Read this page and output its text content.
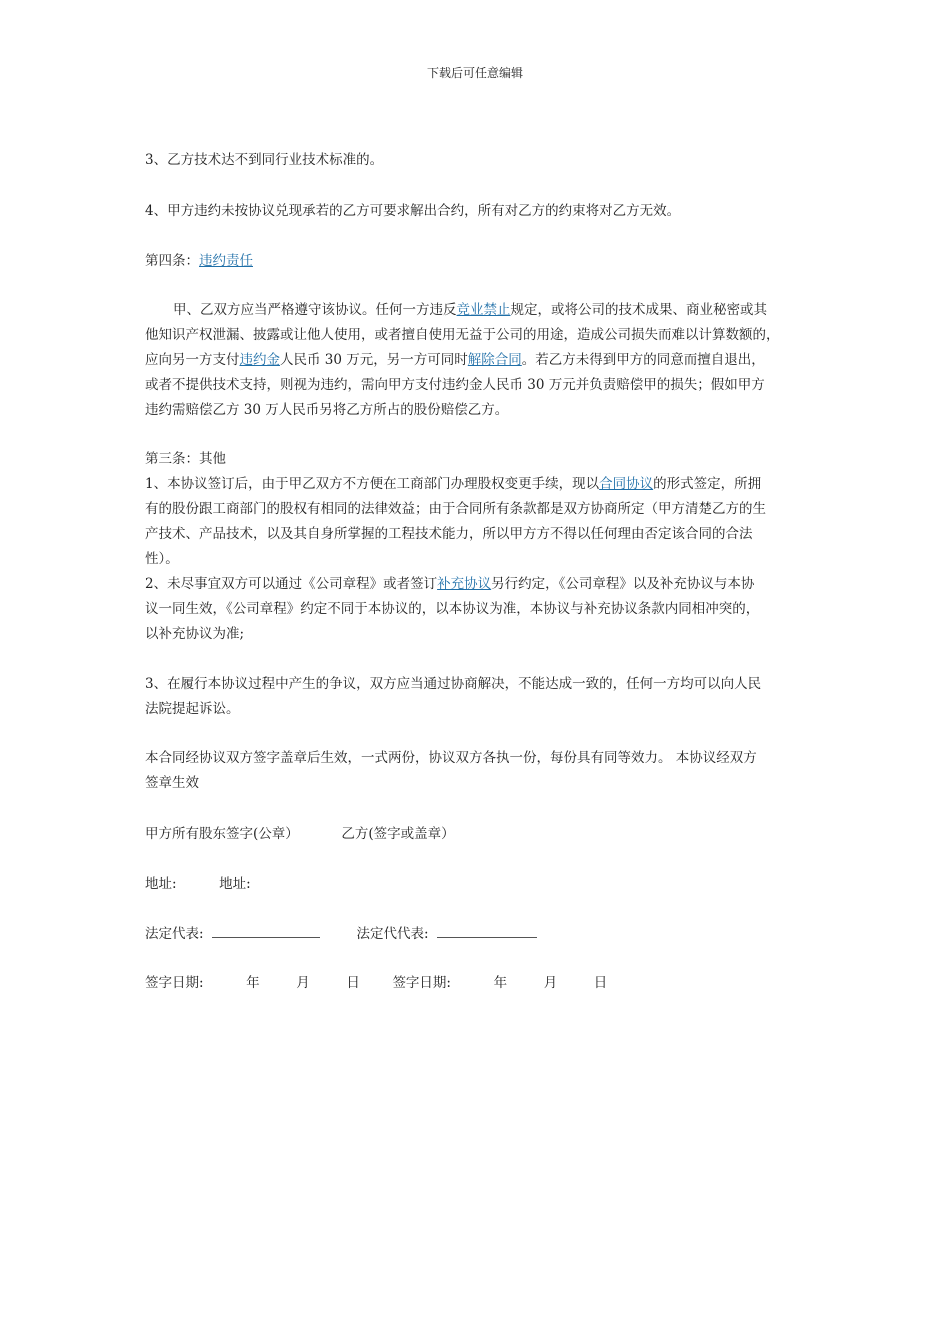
下载后可任意编辑
3、乙方技术达不到同行业技术标准的。
4、甲方违约未按协议兑现承若的乙方可要求解出合约，所有对乙方的约束将对乙方无效。
第四条：违约责任
甲、乙双方应当严格遵守该协议。任何一方违反竞业禁止规定，或将公司的技术成果、商业秘密或其
他知识产权泄漏、披露或让他人使用，或者擅自使用无益于公司的用途，造成公司损失而难以计算数额的，
应向另一方支付违约金人民币 30 万元，另一方可同时解除合同。若乙方未得到甲方的同意而擅自退出，
或者不提供技术支持，则视为违约，需向甲方支付违约金人民币 30 万元并负责赔偿甲的损失；假如甲方
违约需赔偿乙方 30 万人民币另将乙方所占的股份赔偿乙方。
第三条：其他
1、本协议签订后，由于甲乙双方不方便在工商部门办理股权变更手续，现以合同协议的形式签定，所拥
有的股份跟工商部门的股权有相同的法律效益；由于合同所有条款都是双方协商所定（甲方清楚乙方的生
产技术、产品技术，以及其自身所掌握的工程技术能力，所以甲方方不得以任何理由否定该合同的合法
性）。
2、未尽事宜双方可以通过《公司章程》或者签订补充协议另行约定，《公司章程》以及补充协议与本协
议一同生效，《公司章程》约定不同于本协议的，以本协议为准，本协议与补充协议条款内同相冲突的，
以补充协议为准;
3、在履行本协议过程中产生的争议，双方应当通过协商解决，不能达成一致的，任何一方均可以向人民
法院提起诉讼。
本合同经协议双方签字盖章后生效，一式两份，协议双方各执一份，每份具有同等效力。 本协议经双方
签章生效
甲方所有股东签字(公章）	乙方(签字或盖章）
地址:	地址:
法定代表:	法定代代表:
签字日期:	年	月	日 签字日期:	年	月	日
